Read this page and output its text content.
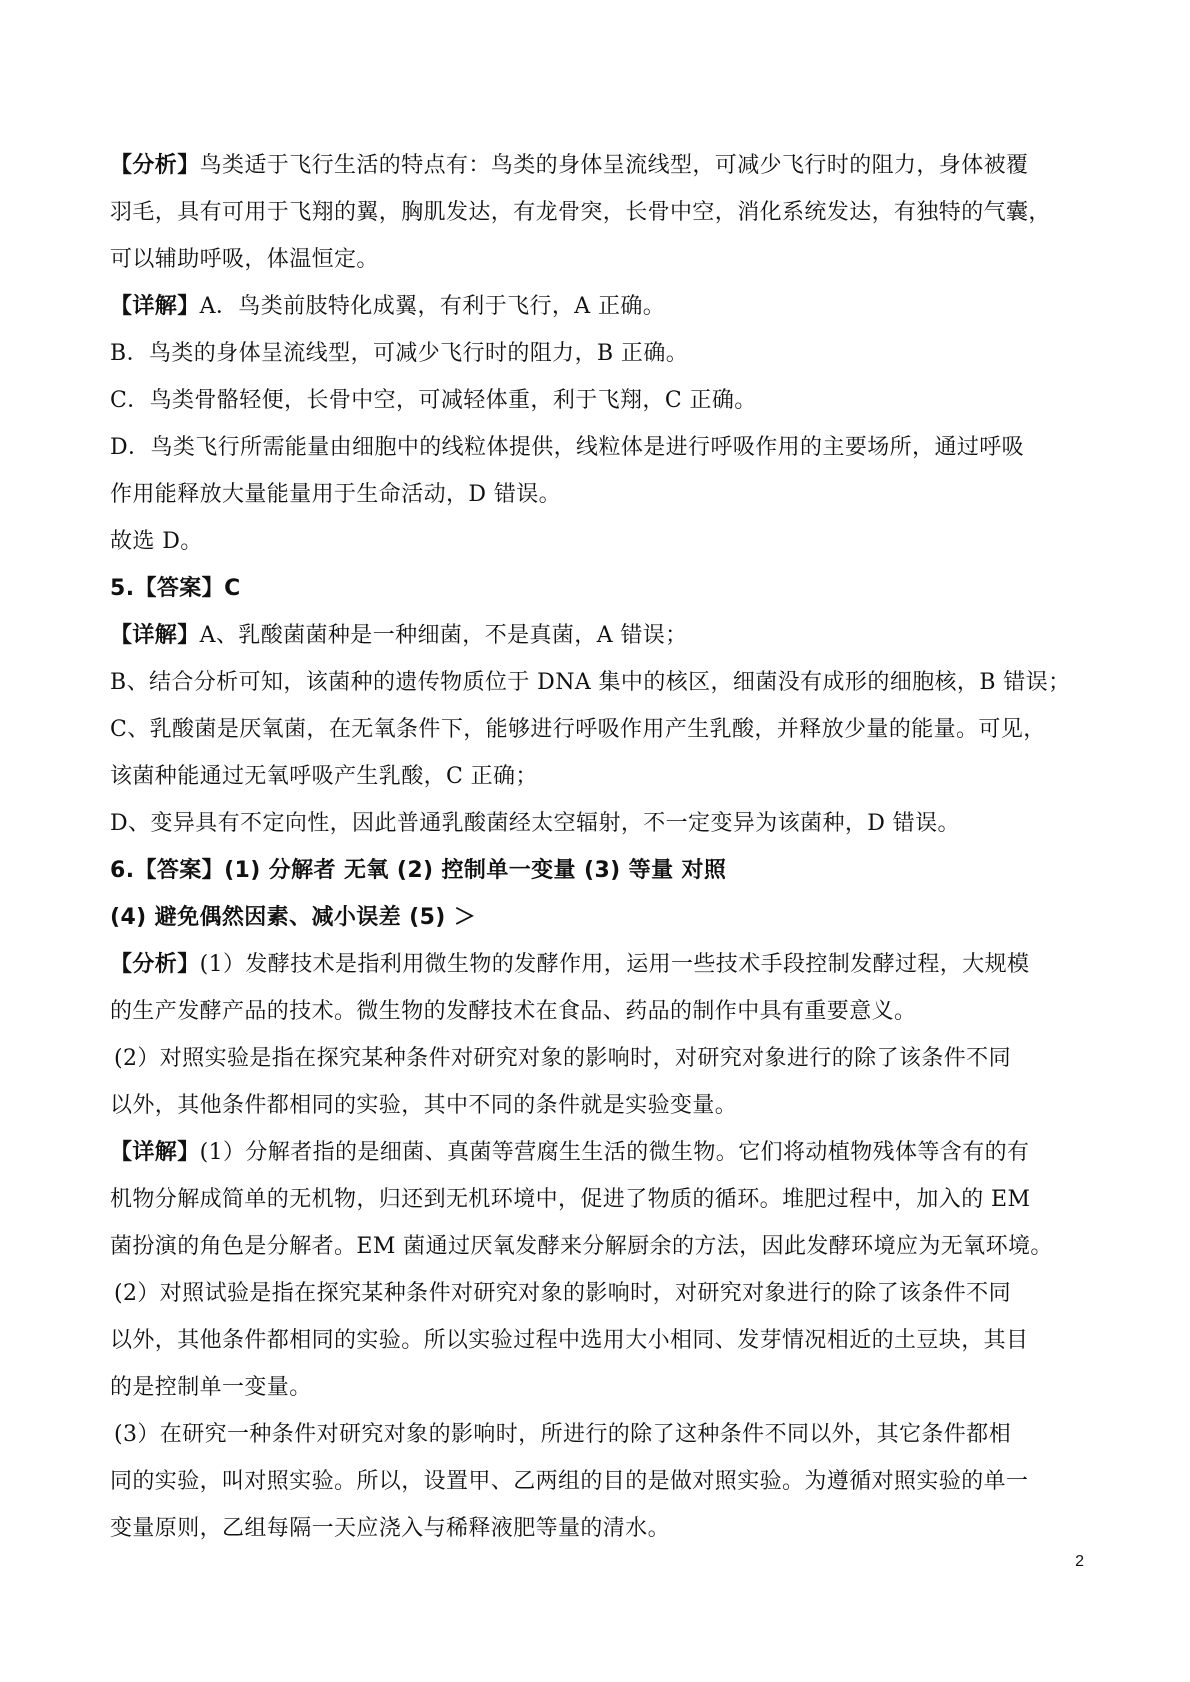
【分析】鸟类适于飞行生活的特点有：鸟类的身体呈流线型，可减少飞行时的阻力，身体被覆
羽毛，具有可用于飞翔的翼，胸肌发达，有龙骨突，长骨中空，消化系统发达，有独特的气囊，
可以辅助呼吸，体温恒定。
【详解】A．鸟类前肢特化成翼，有利于飞行，A 正确。
B．鸟类的身体呈流线型，可减少飞行时的阻力，B 正确。
C．鸟类骨骼轻便，长骨中空，可减轻体重，利于飞翔，C 正确。
D．鸟类飞行所需能量由细胞中的线粒体提供，线粒体是进行呼吸作用的主要场所，通过呼吸
作用能释放大量能量用于生命活动，D 错误。
故选 D。
5.【答案】C
【详解】A、乳酸菌菌种是一种细菌，不是真菌，A 错误；
B、结合分析可知，该菌种的遗传物质位于 DNA 集中的核区，细菌没有成形的细胞核，B 错误；
C、乳酸菌是厌氧菌，在无氧条件下，能够进行呼吸作用产生乳酸，并释放少量的能量。可见，
该菌种能通过无氧呼吸产生乳酸，C 正确；
D、变异具有不定向性，因此普通乳酸菌经太空辐射，不一定变异为该菌种，D 错误。
6.【答案】(1) 分解者 无氧 (2) 控制单一变量 (3) 等量 对照
(4) 避免偶然因素、减小误差 (5) ＞
【分析】(1）发酵技术是指利用微生物的发酵作用，运用一些技术手段控制发酵过程，大规模
的生产发酵产品的技术。微生物的发酵技术在食品、药品的制作中具有重要意义。
(2）对照实验是指在探究某种条件对研究对象的影响时，对研究对象进行的除了该条件不同
以外，其他条件都相同的实验，其中不同的条件就是实验变量。
【详解】(1）分解者指的是细菌、真菌等营腐生生活的微生物。它们将动植物残体等含有的有
机物分解成简单的无机物，归还到无机环境中，促进了物质的循环。堆肥过程中，加入的 EM
菌扮演的角色是分解者。EM 菌通过厌氧发酵来分解厨余的方法，因此发酵环境应为无氧环境。
(2）对照试验是指在探究某种条件对研究对象的影响时，对研究对象进行的除了该条件不同
以外，其他条件都相同的实验。所以实验过程中选用大小相同、发芽情况相近的土豆块，其目
的是控制单一变量。
(3）在研究一种条件对研究对象的影响时，所进行的除了这种条件不同以外，其它条件都相
同的实验，叫对照实验。所以，设置甲、乙两组的目的是做对照实验。为遵循对照实验的单一
变量原则，乙组每隔一天应浇入与稀释液肥等量的清水。
2
